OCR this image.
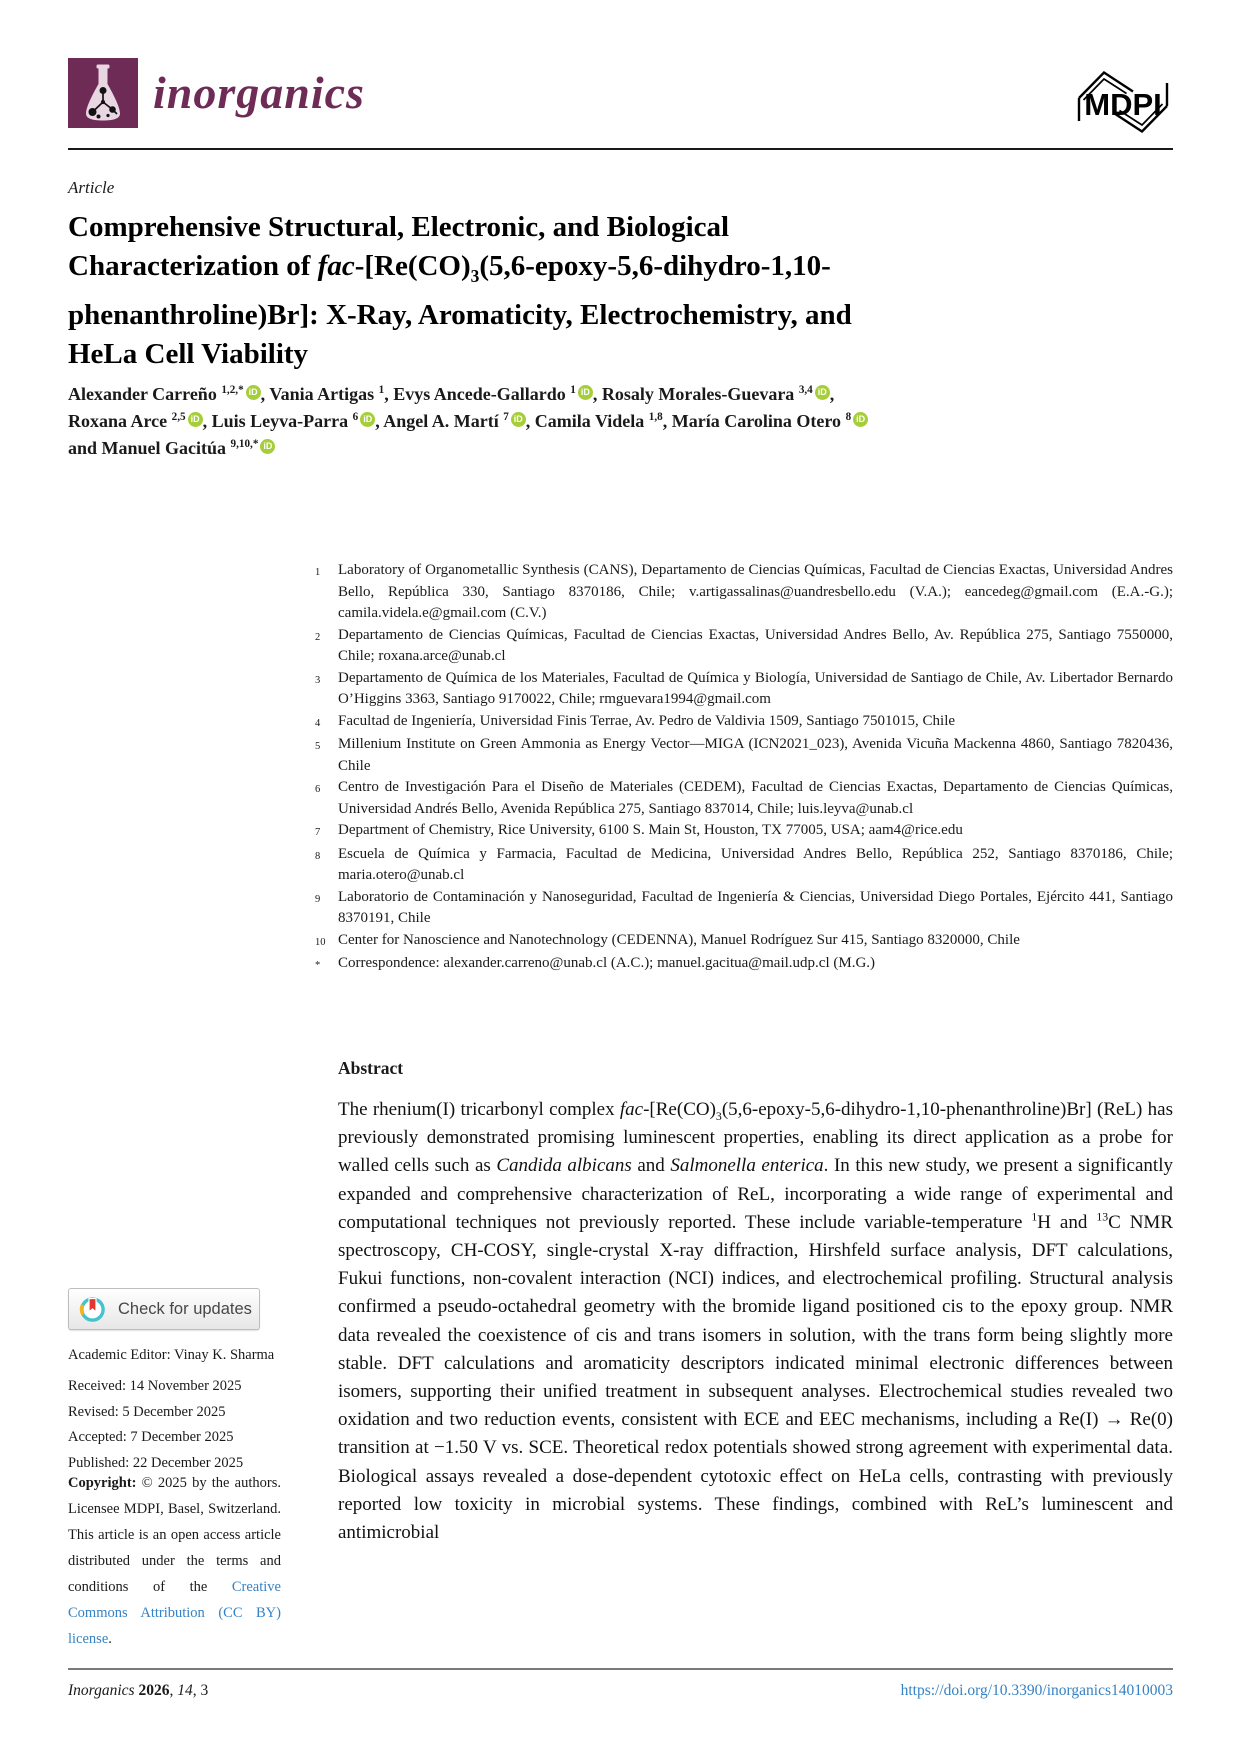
inorganics	MDPI
Article
Comprehensive Structural, Electronic, and Biological
Characterization of fac-[$Re(CO)_3(5,6-epoxy-5,6-dihydro-1,10-$
phenanthroline)Br]: X-Ray, Aromaticity, Electrochemistry, and
HeLa Cell Viability

Alexander Carreño $^{1,2,*}$ iD , Vania Artigas $^1$, Evys Ancede-Gallardo $^1$ iD , Rosaly Morales-Guevara $^{3,4}$ iD ,
Roxana Arce $^{2,5}$ iD , Luis Leyva-Parra $^6$ iD , Angel A. Martí $^7$ iD , Camila Videla $^{1,8}$, María Carolina Otero $^8$ iD
and Manuel Gacitúa $^{9,10,*}$ iD

1	Laboratory of Organometallic Synthesis (CANS), Departamento de Ciencias Químicas, Facultad de Ciencias Exactas, Universidad Andres Bello, República 330, Santiago 8370186, Chile; v.artigassalinas@uandresbello.edu (V.A.); eancedeg@gmail.com (E.A.-G.); camila.videla.e@gmail.com (C.V.)
2	Departamento de Ciencias Químicas, Facultad de Ciencias Exactas, Universidad Andres Bello, Av. República 275, Santiago 7550000, Chile; roxana.arce@unab.cl
3	Departamento de Química de los Materiales, Facultad de Química y Biología, Universidad de Santiago de Chile, Av. Libertador Bernardo O’Higgins 3363, Santiago 9170022, Chile; rmguevara1994@gmail.com
4	Facultad de Ingeniería, Universidad Finis Terrae, Av. Pedro de Valdivia 1509, Santiago 7501015, Chile
5	Millenium Institute on Green Ammonia as Energy Vector—MIGA (ICN2021_023), Avenida Vicuña Mackenna 4860, Santiago 7820436, Chile
6	Centro de Investigación Para el Diseño de Materiales (CEDEM), Facultad de Ciencias Exactas, Departamento de Ciencias Químicas, Universidad Andrés Bello, Avenida República 275, Santiago 837014, Chile; luis.leyva@unab.cl
7	Department of Chemistry, Rice University, 6100 S. Main St, Houston, TX 77005, USA; aam4@rice.edu
8	Escuela de Química y Farmacia, Facultad de Medicina, Universidad Andres Bello, República 252, Santiago 8370186, Chile; maria.otero@unab.cl
9	Laboratorio de Contaminación y Nanoseguridad, Facultad de Ingeniería & Ciencias, Universidad Diego Portales, Ejército 441, Santiago 8370191, Chile
10 Center for Nanoscience and Nanotechnology (CEDENNA), Manuel Rodríguez Sur 415, Santiago 8320000, Chile
*	Correspondence: alexander.carreno@unab.cl (A.C.); manuel.gacitua@mail.udp.cl (M.G.)
Abstract

The rhenium(I) tricarbonyl complex fac-$[Re(CO)_3(5,6-epoxy-5,6-dihydro-1,10-phenanthroline)Br]$ (ReL) has previously demonstrated promising luminescent properties, enabling its direct application as a probe for walled cells such as Candida albicans and Salmonella enterica. In this new study, we present a significantly expanded and comprehensive characterization of ReL, incorporating a wide range of experimental and computational techniques not previously reported. These include variable-temperature $^1$H and $^{13}$C NMR spectroscopy, CH-COSY, single-crystal X-ray diffraction, Hirshfeld surface analysis, DFT calculations, Fukui functions, non-covalent interaction (NCI) indices, and electrochemical profiling. Structural analysis confirmed a pseudo-octahedral geometry with the bromide ligand positioned cis to the epoxy group. NMR data revealed the coexistence of cis and trans isomers in solution, with the trans form being slightly more stable. DFT calculations and aromaticity descriptors indicated minimal electronic differences between isomers, supporting their unified treatment in subsequent analyses. Electrochemical studies revealed two oxidation and two reduction events, consistent with ECE and EEC mechanisms, including a Re(I) → Re(0) transition at −1.50 V vs. SCE. Theoretical redox potentials showed strong agreement with experimental data. Biological assays revealed a dose-dependent cytotoxic effect on HeLa cells, contrasting with previously reported low toxicity in microbial systems. These findings, combined with ReL’s luminescent and antimicrobial

Check for updates

Academic Editor: Vinay K. Sharma

Received: 14 November 2025
Revised: 5 December 2025
Accepted: 7 December 2025
Published: 22 December 2025

Copyright: © 2025 by the authors. Licensee MDPI, Basel, Switzerland. This article is an open access article distributed under the terms and conditions of the Creative Commons Attribution (CC BY) license.

Inorganics 2026, 14, 3	https://doi.org/10.3390/inorganics14010003
